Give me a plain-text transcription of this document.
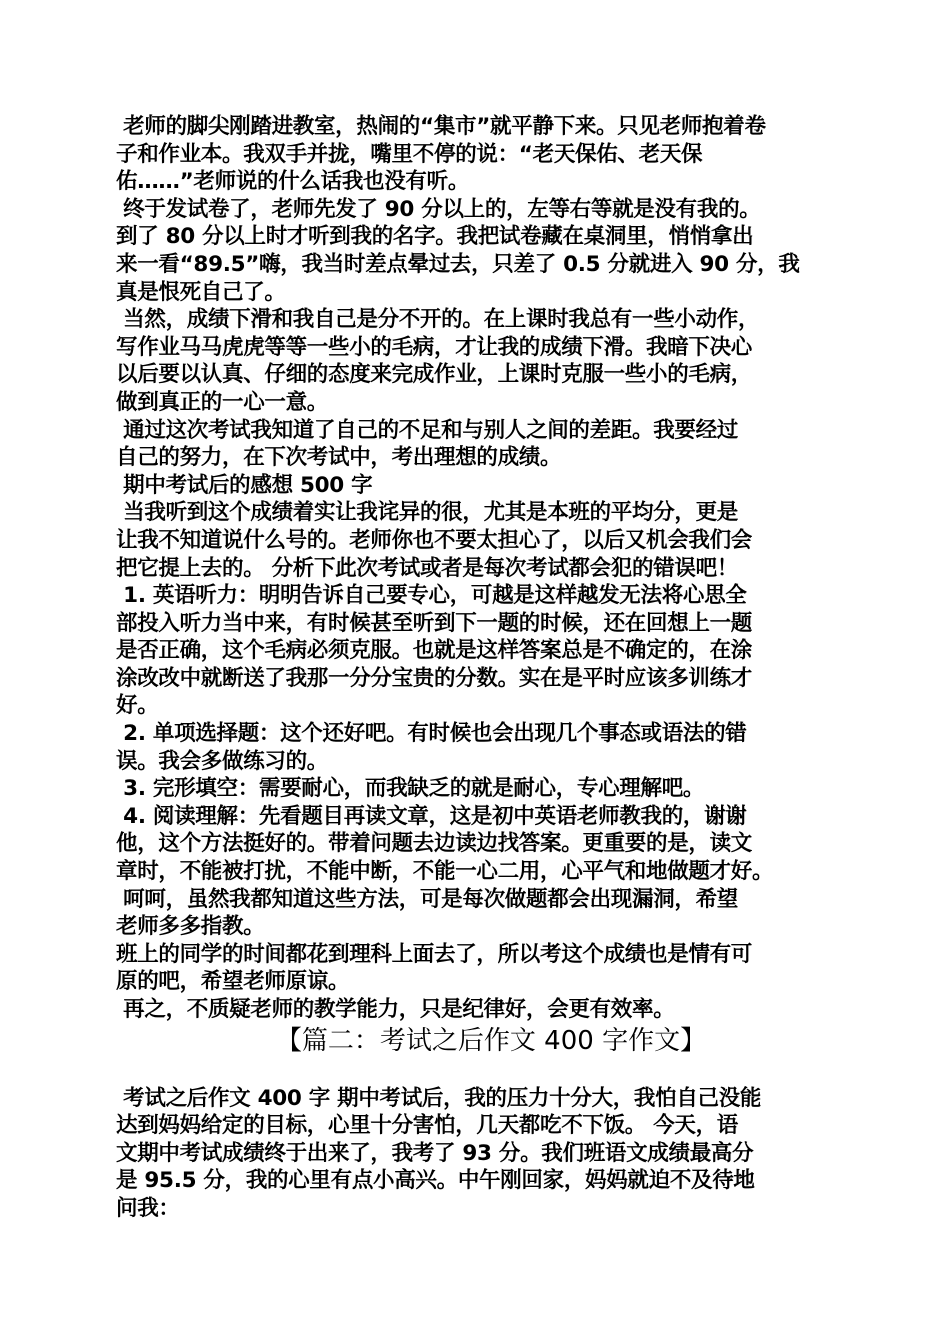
老师的脚尖刚踏进教室，热闹的“集市”就平静下来。只见老师抱着卷
子和作业本。我双手并拢，嘴里不停的说：“老天保佑、老天保
佑……”老师说的什么话我也没有听。

终于发试卷了，老师先发了 90 分以上的，左等右等就是没有我的。
到了 80 分以上时才听到我的名字。我把试卷藏在桌洞里，悄悄拿出
来一看“89.5”嗨，我当时差点晕过去，只差了 0.5 分就进入 90 分，我
真是恨死自己了。

当然，成绩下滑和我自己是分不开的。在上课时我总有一些小动作，
写作业马马虎虎等等一些小的毛病，才让我的成绩下滑。我暗下决心
以后要以认真、仔细的态度来完成作业，上课时克服一些小的毛病，
做到真正的一心一意。

通过这次考试我知道了自己的不足和与别人之间的差距。我要经过
自己的努力，在下次考试中，考出理想的成绩。

期中考试后的感想 500 字

当我听到这个成绩着实让我诧异的很，尤其是本班的平均分，更是
让我不知道说什么号的。老师你也不要太担心了，以后又机会我们会
把它提上去的。 分析下此次考试或者是每次考试都会犯的错误吧！

1. 英语听力：明明告诉自己要专心，可越是这样越发无法将心思全
部投入听力当中来，有时候甚至听到下一题的时候，还在回想上一题
是否正确，这个毛病必须克服。也就是这样答案总是不确定的，在涂
涂改改中就断送了我那一分分宝贵的分数。实在是平时应该多训练才
好。

2. 单项选择题：这个还好吧。有时候也会出现几个事态或语法的错
误。我会多做练习的。

3. 完形填空：需要耐心，而我缺乏的就是耐心，专心理解吧。

4. 阅读理解：先看题目再读文章，这是初中英语老师教我的，谢谢
他，这个方法挺好的。带着问题去边读边找答案。更重要的是，读文
章时，不能被打扰，不能中断，不能一心二用，心平气和地做题才好。

呵呵，虽然我都知道这些方法，可是每次做题都会出现漏洞，希望
老师多多指教。

班上的同学的时间都花到理科上面去了，所以考这个成绩也是情有可
原的吧，希望老师原谅。

再之，不质疑老师的教学能力，只是纪律好，会更有效率。

【篇二：考试之后作文 400 字作文】

考试之后作文 400 字 期中考试后，我的压力十分大，我怕自己没能
达到妈妈给定的目标，心里十分害怕，几天都吃不下饭。 今天，语
文期中考试成绩终于出来了，我考了 93 分。我们班语文成绩最高分
是 95.5 分，我的心里有点小高兴。中午刚回家，妈妈就迫不及待地
问我：
